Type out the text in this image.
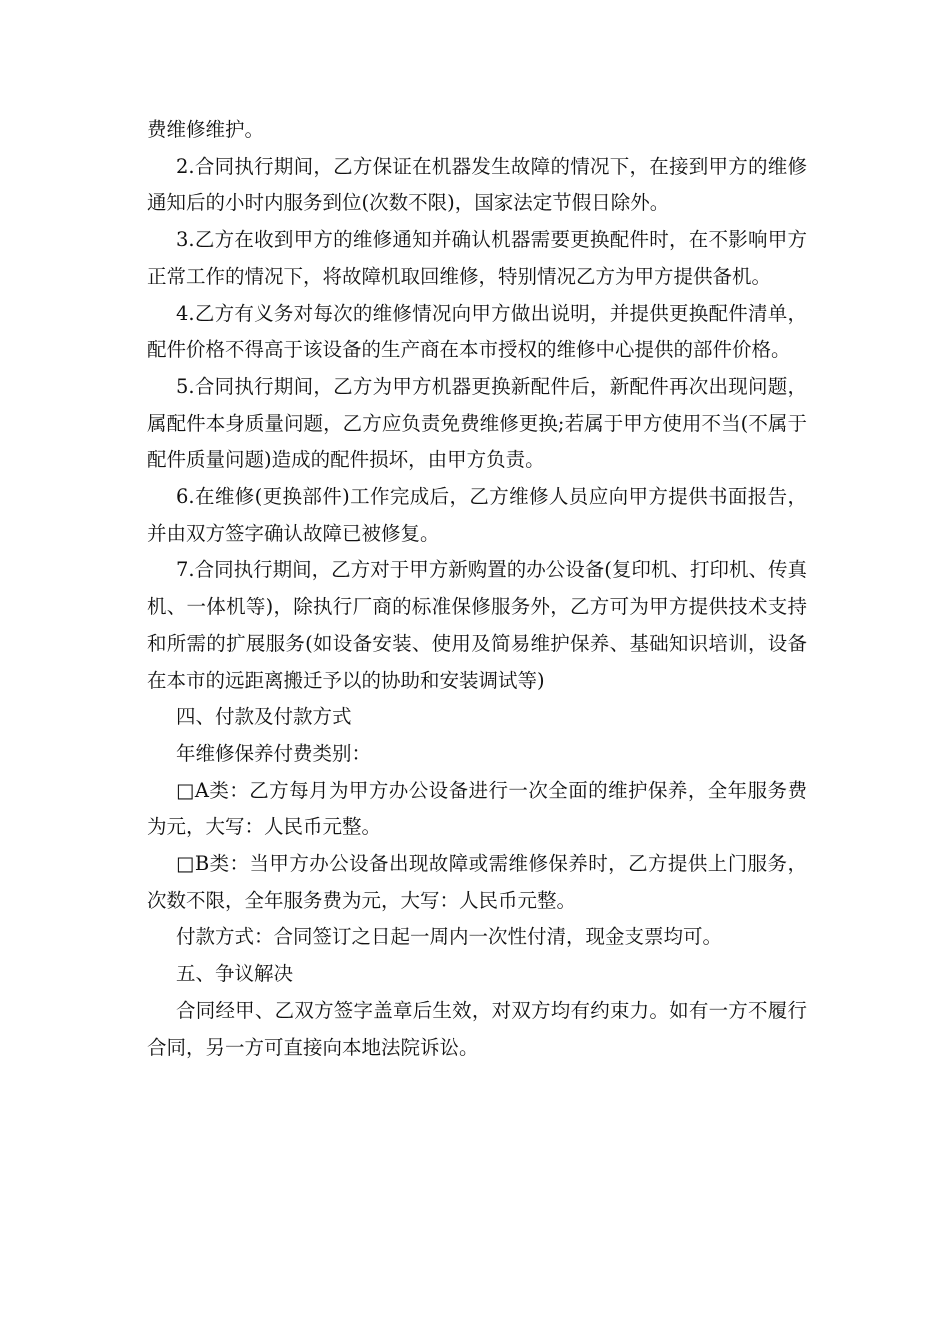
费维修维护。

2.合同执行期间，乙方保证在机器发生故障的情况下，在接到甲方的维修通知后的小时内服务到位(次数不限)，国家法定节假日除外。

3.乙方在收到甲方的维修通知并确认机器需要更换配件时，在不影响甲方正常工作的情况下，将故障机取回维修，特别情况乙方为甲方提供备机。

4.乙方有义务对每次的维修情况向甲方做出说明，并提供更换配件清单，配件价格不得高于该设备的生产商在本市授权的维修中心提供的部件价格。

5.合同执行期间，乙方为甲方机器更换新配件后，新配件再次出现问题，属配件本身质量问题，乙方应负责免费维修更换;若属于甲方使用不当(不属于配件质量问题)造成的配件损坏，由甲方负责。

6.在维修(更换部件)工作完成后，乙方维修人员应向甲方提供书面报告，并由双方签字确认故障已被修复。

7.合同执行期间，乙方对于甲方新购置的办公设备(复印机、打印机、传真机、一体机等)，除执行厂商的标准保修服务外，乙方可为甲方提供技术支持和所需的扩展服务(如设备安装、使用及简易维护保养、基础知识培训，设备在本市的远距离搬迁予以的协助和安装调试等)

四、付款及付款方式

年维修保养付费类别：

□A类：乙方每月为甲方办公设备进行一次全面的维护保养，全年服务费为元，大写：人民币元整。

□B类：当甲方办公设备出现故障或需维修保养时，乙方提供上门服务，次数不限，全年服务费为元，大写：人民币元整。

付款方式：合同签订之日起一周内一次性付清，现金支票均可。

五、争议解决

合同经甲、乙双方签字盖章后生效，对双方均有约束力。如有一方不履行合同，另一方可直接向本地法院诉讼。
